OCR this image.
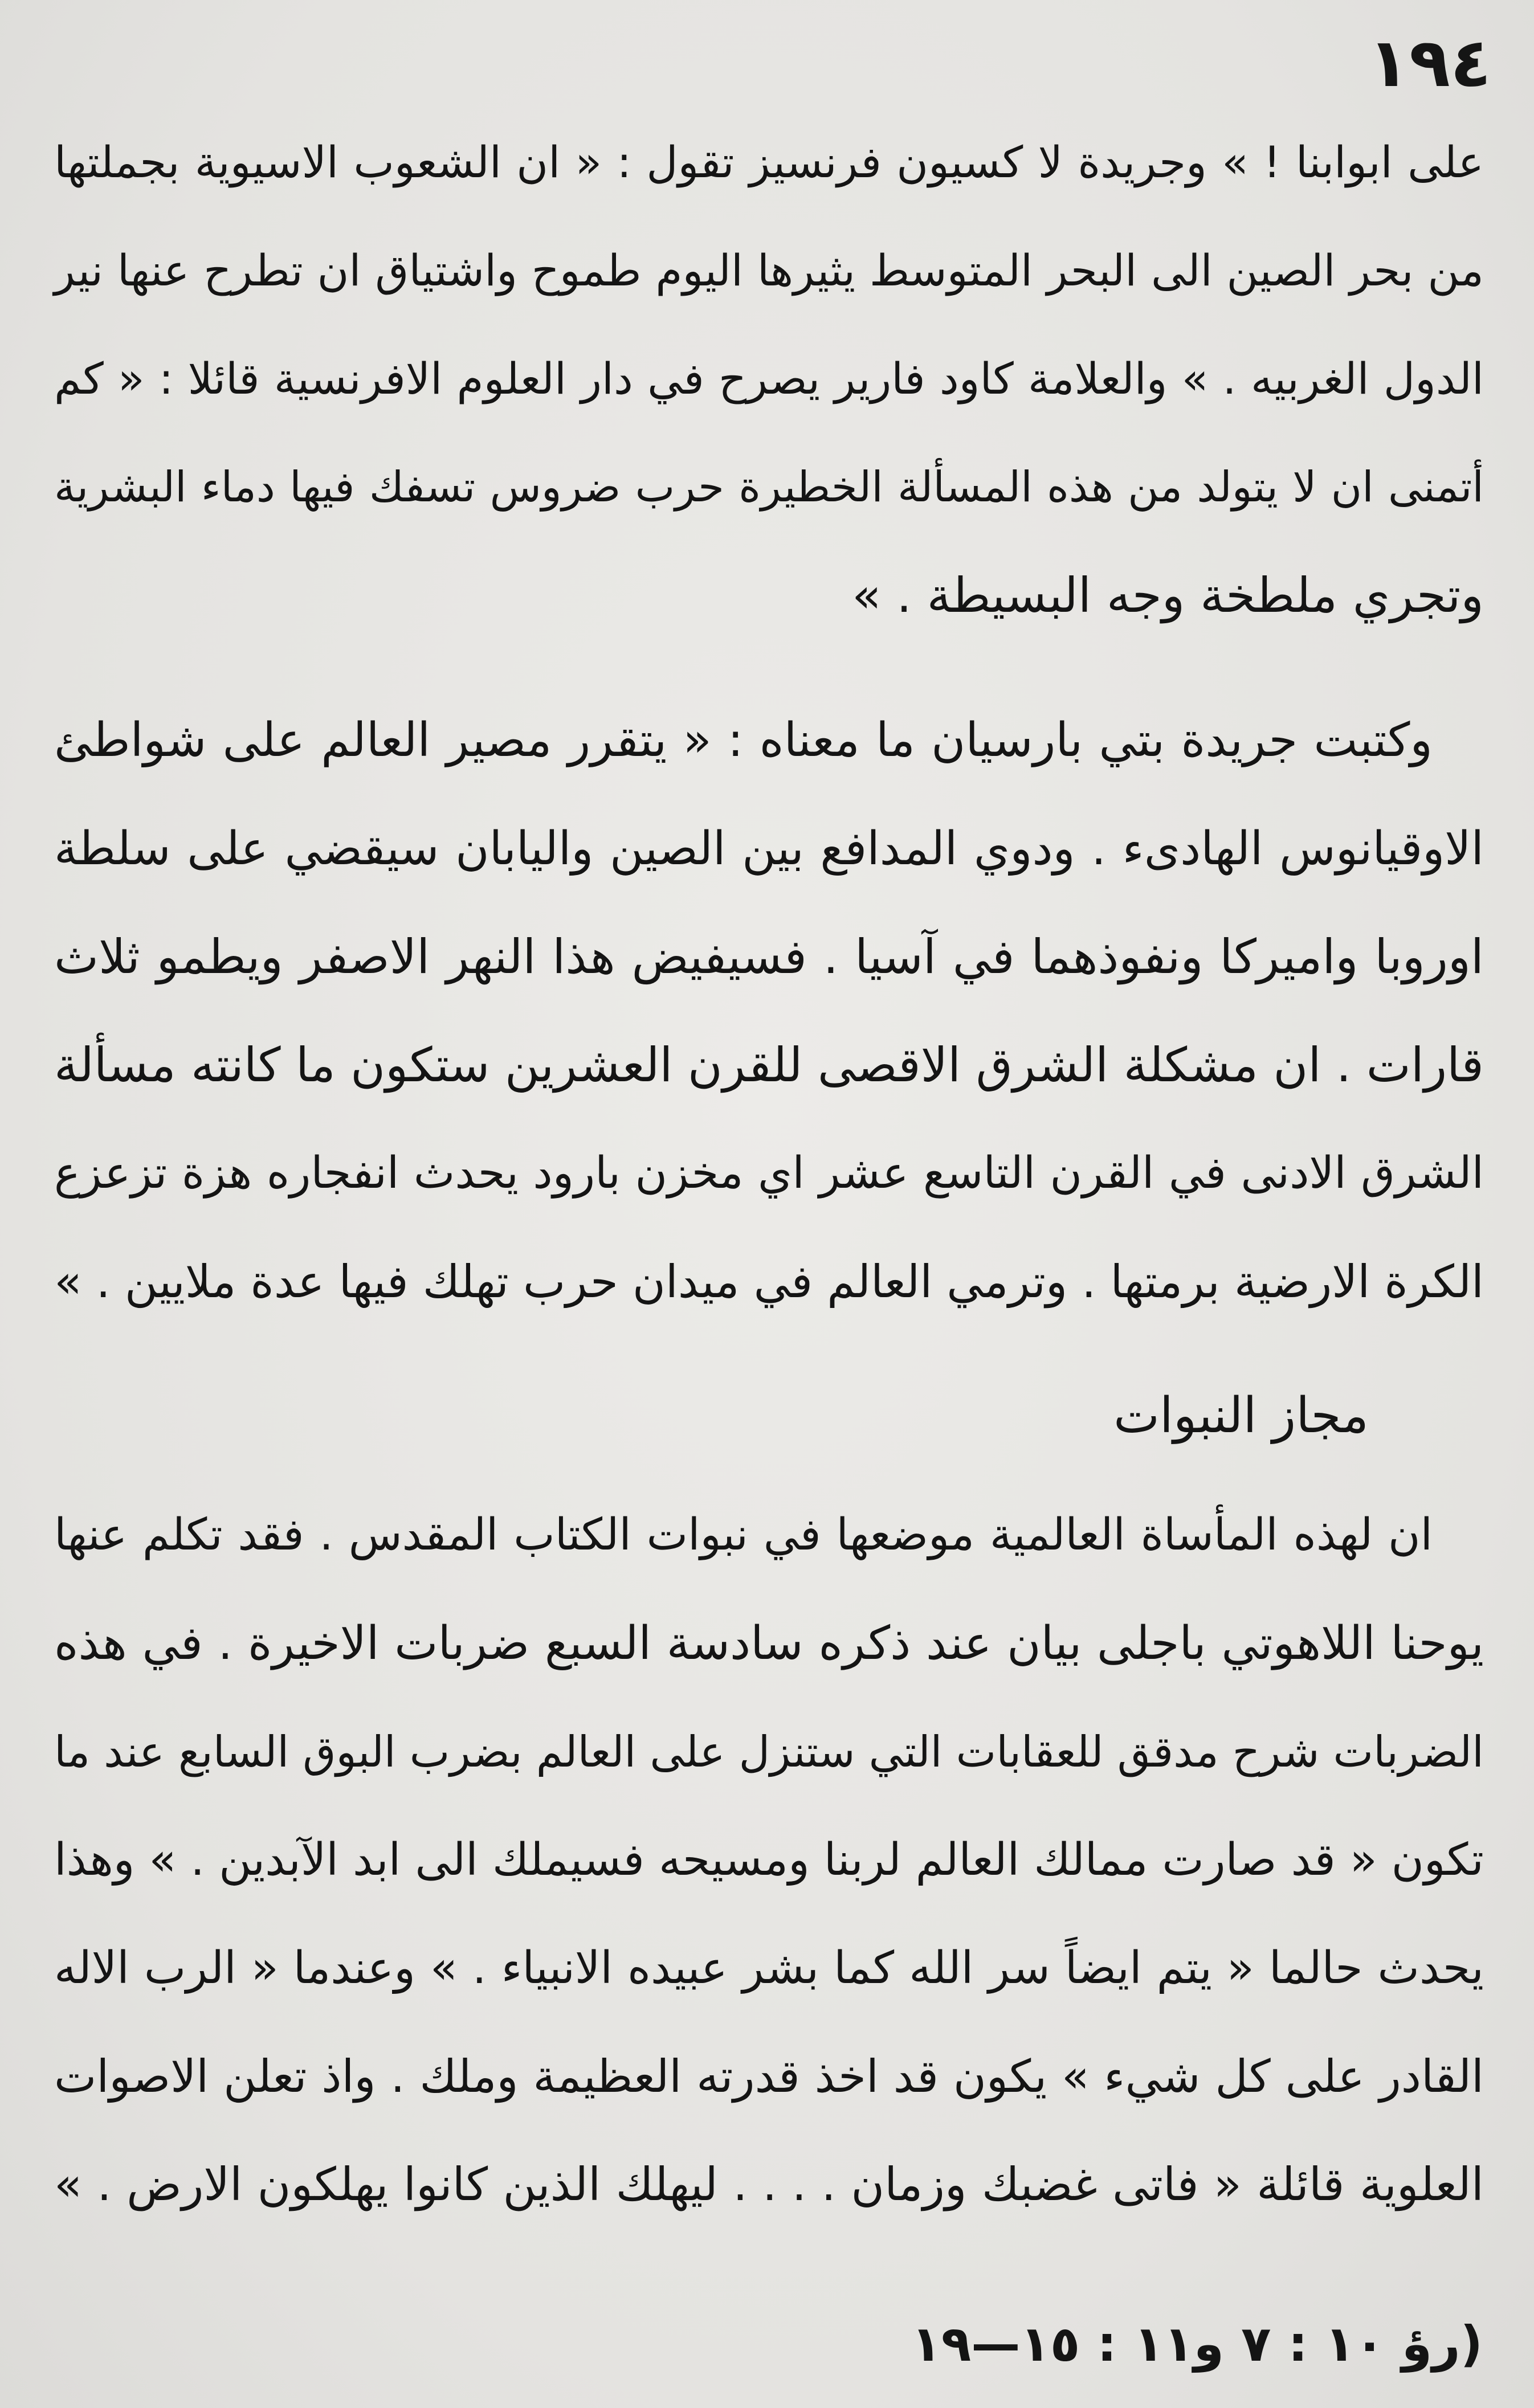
١٩٤
على ابوابنا ! » وجريدة لا كسيون فرنسيز تقول : « ان الشعوب الاسيوية بجملتها
من بحر الصين الى البحر المتوسط يثيرها اليوم طموح واشتياق ان تطرح عنها نير
الدول الغربيه . » والعلامة كاود فارير يصرح في دار العلوم الافرنسية قائلا : « كم
أتمنى ان لا يتولد من هذه المسألة الخطيرة حرب ضروس تسفك فيها دماء البشرية
وتجري ملطخة وجه البسيطة . »
وكتبت جريدة بتي بارسيان ما معناه : « يتقرر مصير العالم على شواطئ
الاوقيانوس الهادىء . ودوي المدافع بين الصين واليابان سيقضي على سلطة
اوروبا واميركا ونفوذهما في آسيا . فسيفيض هذا النهر الاصفر ويطمو ثلاث
قارات . ان مشكلة الشرق الاقصى للقرن العشرين ستكون ما كانته مسألة
الشرق الادنى في القرن التاسع عشر اي مخزن بارود يحدث انفجاره هزة تزعزع
الكرة الارضية برمتها . وترمي العالم في ميدان حرب تهلك فيها عدة ملايين . »
مجاز النبوات
ان لهذه المأساة العالمية موضعها في نبوات الكتاب المقدس . فقد تكلم عنها
يوحنا اللاهوتي باجلى بيان عند ذكره سادسة السبع ضربات الاخيرة . في هذه
الضربات شرح مدقق للعقابات التي ستنزل على العالم بضرب البوق السابع عند ما
تكون « قد صارت ممالك العالم لربنا ومسيحه فسيملك الى ابد الآبدين . » وهذا
يحدث حالما « يتم ايضاً سر الله كما بشر عبيده الانبياء . » وعندما « الرب الاله
القادر على كل شيء » يكون قد اخذ قدرته العظيمة وملك . واذ تعلن الاصوات
العلوية قائلة « فاتى غضبك وزمان . . . . ليهلك الذين كانوا يهلكون الارض . »
(رؤ ١٠ : ٧ و١١ : ١٥—١٩
